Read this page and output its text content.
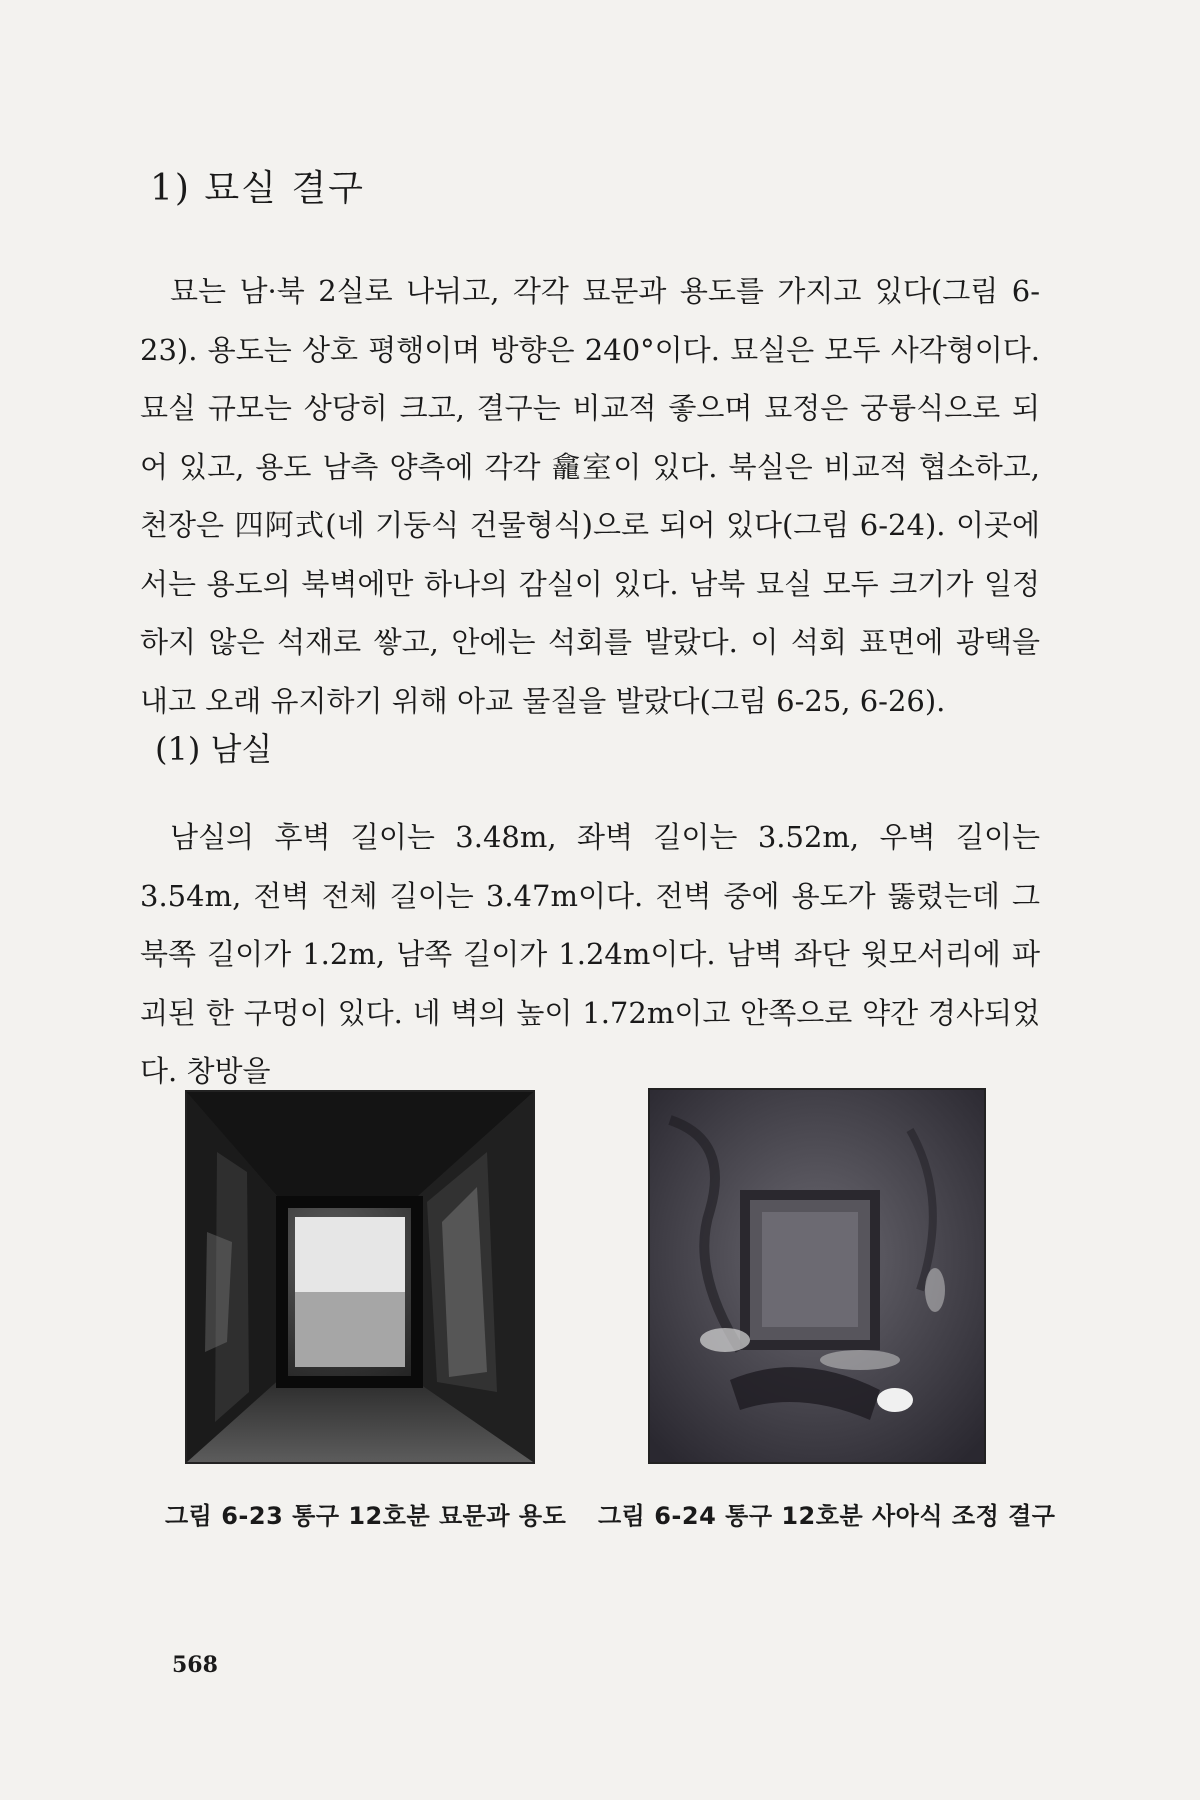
1) 묘실 결구

묘는 남·북 2실로 나뉘고, 각각 묘문과 용도를 가지고 있다(그림 6-23). 용도는 상호 평행이며 방향은 240°이다. 묘실은 모두 사각형이다. 묘실 규모는 상당히 크고, 결구는 비교적 좋으며 묘정은 궁륭식으로 되어 있고, 용도 남측 양측에 각각 龕室이 있다. 북실은 비교적 협소하고, 천장은 四阿式(네 기둥식 건물형식)으로 되어 있다(그림 6-24). 이곳에서는 용도의 북벽에만 하나의 감실이 있다. 남북 묘실 모두 크기가 일정하지 않은 석재로 쌓고, 안에는 석회를 발랐다. 이 석회 표면에 광택을 내고 오래 유지하기 위해 아교 물질을 발랐다(그림 6-25, 6-26).

(1) 남실

남실의 후벽 길이는 3.48m, 좌벽 길이는 3.52m, 우벽 길이는 3.54m, 전벽 전체 길이는 3.47m이다. 전벽 중에 용도가 뚫렸는데 그 북쪽 길이가 1.2m, 남쪽 길이가 1.24m이다. 남벽 좌단 윗모서리에 파괴된 한 구멍이 있다. 네 벽의 높이 1.72m이고 안쪽으로 약간 경사되었다. 창방을

그림 6-23 통구 12호분 묘문과 용도 그림 6-24 통구 12호분 사아식 조정 결구

568
